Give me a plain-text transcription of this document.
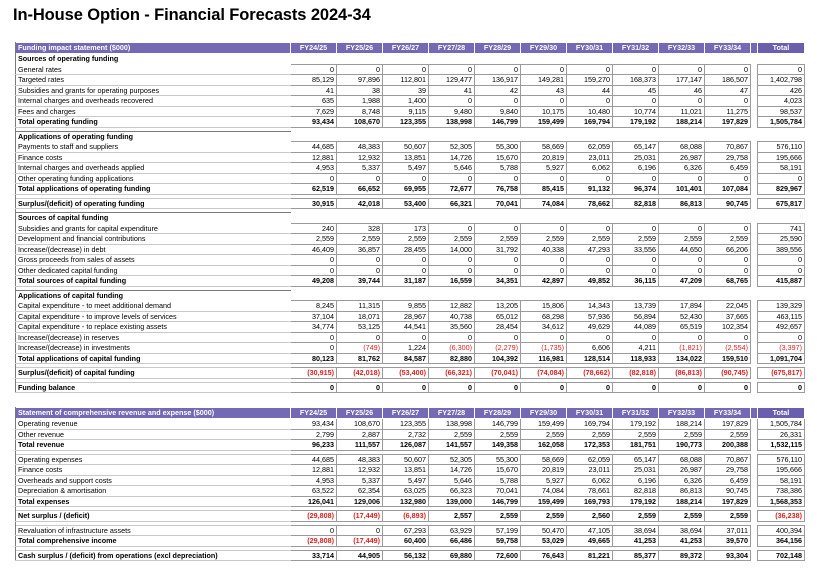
In-House Option - Financial Forecasts 2024-34
Funding impact statement ($000)	FY24/25	FY25/26	FY26/27	FY27/28	FY28/29	FY29/30	FY30/31	FY31/32	FY32/33	FY33/34		Total
Sources of operating funding												
General rates	0	0	0	0	0	0	0	0	0	0		0
Targeted rates	85,129	97,896	112,801	129,477	136,917	149,281	159,270	168,373	177,147	186,507		1,402,798
Subsidies and grants for operating purposes	41	38	39	41	42	43	44	45	46	47		426
Internal charges and overheads recovered	635	1,988	1,400	0	0	0	0	0	0	0		4,023
Fees and charges	7,629	8,748	9,115	9,480	9,840	10,175	10,480	10,774	11,021	11,275		98,537
Total operating funding	93,434	108,670	123,355	138,998	146,799	159,499	169,794	179,192	188,214	197,829		1,505,784

Applications of operating funding												
Payments to staff and suppliers	44,685	48,383	50,607	52,305	55,300	58,669	62,059	65,147	68,088	70,867		576,110
Finance costs	12,881	12,932	13,851	14,726	15,670	20,819	23,011	25,031	26,987	29,758		195,666
Internal charges and overheads applied	4,953	5,337	5,497	5,646	5,788	5,927	6,062	6,196	6,326	6,459		58,191
Other operating funding applications	0	0	0	0	0	0	0	0	0	0		0
Total applications of operating funding	62,519	66,652	69,955	72,677	76,758	85,415	91,132	96,374	101,401	107,084		829,967

Surplus/(deficit) of operating funding	30,915	42,018	53,400	66,321	70,041	74,084	78,662	82,818	86,813	90,745		675,817

Sources of capital funding												
Subsidies and grants for capital expenditure	240	328	173	0	0	0	0	0	0	0		741
Development and financial contributions	2,559	2,559	2,559	2,559	2,559	2,559	2,559	2,559	2,559	2,559		25,590
Increase/(decrease) in debt	46,409	36,857	28,455	14,000	31,792	40,338	47,293	33,556	44,650	66,206		389,556
Gross proceeds from sales of assets	0	0	0	0	0	0	0	0	0	0		0
Other dedicated capital funding	0	0	0	0	0	0	0	0	0	0		0
Total sources of capital funding	49,208	39,744	31,187	16,559	34,351	42,897	49,852	36,115	47,209	68,765		415,887

Applications of capital funding												
Capital expenditure - to meet additional demand	8,245	11,315	9,855	12,882	13,205	15,806	14,343	13,739	17,894	22,045		139,329
Capital expenditure - to improve levels of services	37,104	18,071	28,967	40,738	65,012	68,298	57,936	56,894	52,430	37,665		463,115
Capital expenditure - to replace existing assets	34,774	53,125	44,541	35,560	28,454	34,612	49,629	44,089	65,519	102,354		492,657
Increase/(decrease) in reserves	0	0	0	0	0	0	0	0	0	0		0
Increase/(decrease) in investments	0	(749)	1,224	(6,300)	(2,279)	(1,735)	6,606	4,211	(1,821)	(2,554)		(3,397)
Total applications of capital funding	80,123	81,762	84,587	82,880	104,392	116,981	128,514	118,933	134,022	159,510		1,091,704

Surplus/(deficit) of capital funding	(30,915)	(42,018)	(53,400)	(66,321)	(70,041)	(74,084)	(78,662)	(82,818)	(86,813)	(90,745)		(675,817)

Funding balance	0	0	0	0	0	0	0	0	0	0		0
Statement of comprehensive revenue and expense ($000)	FY24/25	FY25/26	FY26/27	FY27/28	FY28/29	FY29/30	FY30/31	FY31/32	FY32/33	FY33/34		Total
Operating revenue	93,434	108,670	123,355	138,998	146,799	159,499	169,794	179,192	188,214	197,829		1,505,784
Other revenue	2,799	2,887	2,732	2,559	2,559	2,559	2,559	2,559	2,559	2,559		26,331
Total revenue	96,233	111,557	126,087	141,557	149,358	162,058	172,353	181,751	190,773	200,388		1,532,115

Operating expenses	44,685	48,383	50,607	52,305	55,300	58,669	62,059	65,147	68,088	70,867		576,110
Finance costs	12,881	12,932	13,851	14,726	15,670	20,819	23,011	25,031	26,987	29,758		195,666
Overheads and support costs	4,953	5,337	5,497	5,646	5,788	5,927	6,062	6,196	6,326	6,459		58,191
Depreciation & amortisation	63,522	62,354	63,025	66,323	70,041	74,084	78,661	82,818	86,813	90,745		738,386
Total expenses	126,041	129,006	132,980	139,000	146,799	159,499	169,793	179,192	188,214	197,829		1,568,353

Net surplus / (deficit)	(29,808)	(17,449)	(6,893)	2,557	2,559	2,559	2,560	2,559	2,559	2,559		(36,238)

Revaluation of infrastructure assets	0	0	67,293	63,929	57,199	50,470	47,105	38,694	38,694	37,011		400,394
Total comprehensive income	(29,808)	(17,449)	60,400	66,486	59,758	53,029	49,665	41,253	41,253	39,570		364,156

Cash surplus / (deficit) from operations (excl depreciation)	33,714	44,905	56,132	69,880	72,600	76,643	81,221	85,377	89,372	93,304		702,148
